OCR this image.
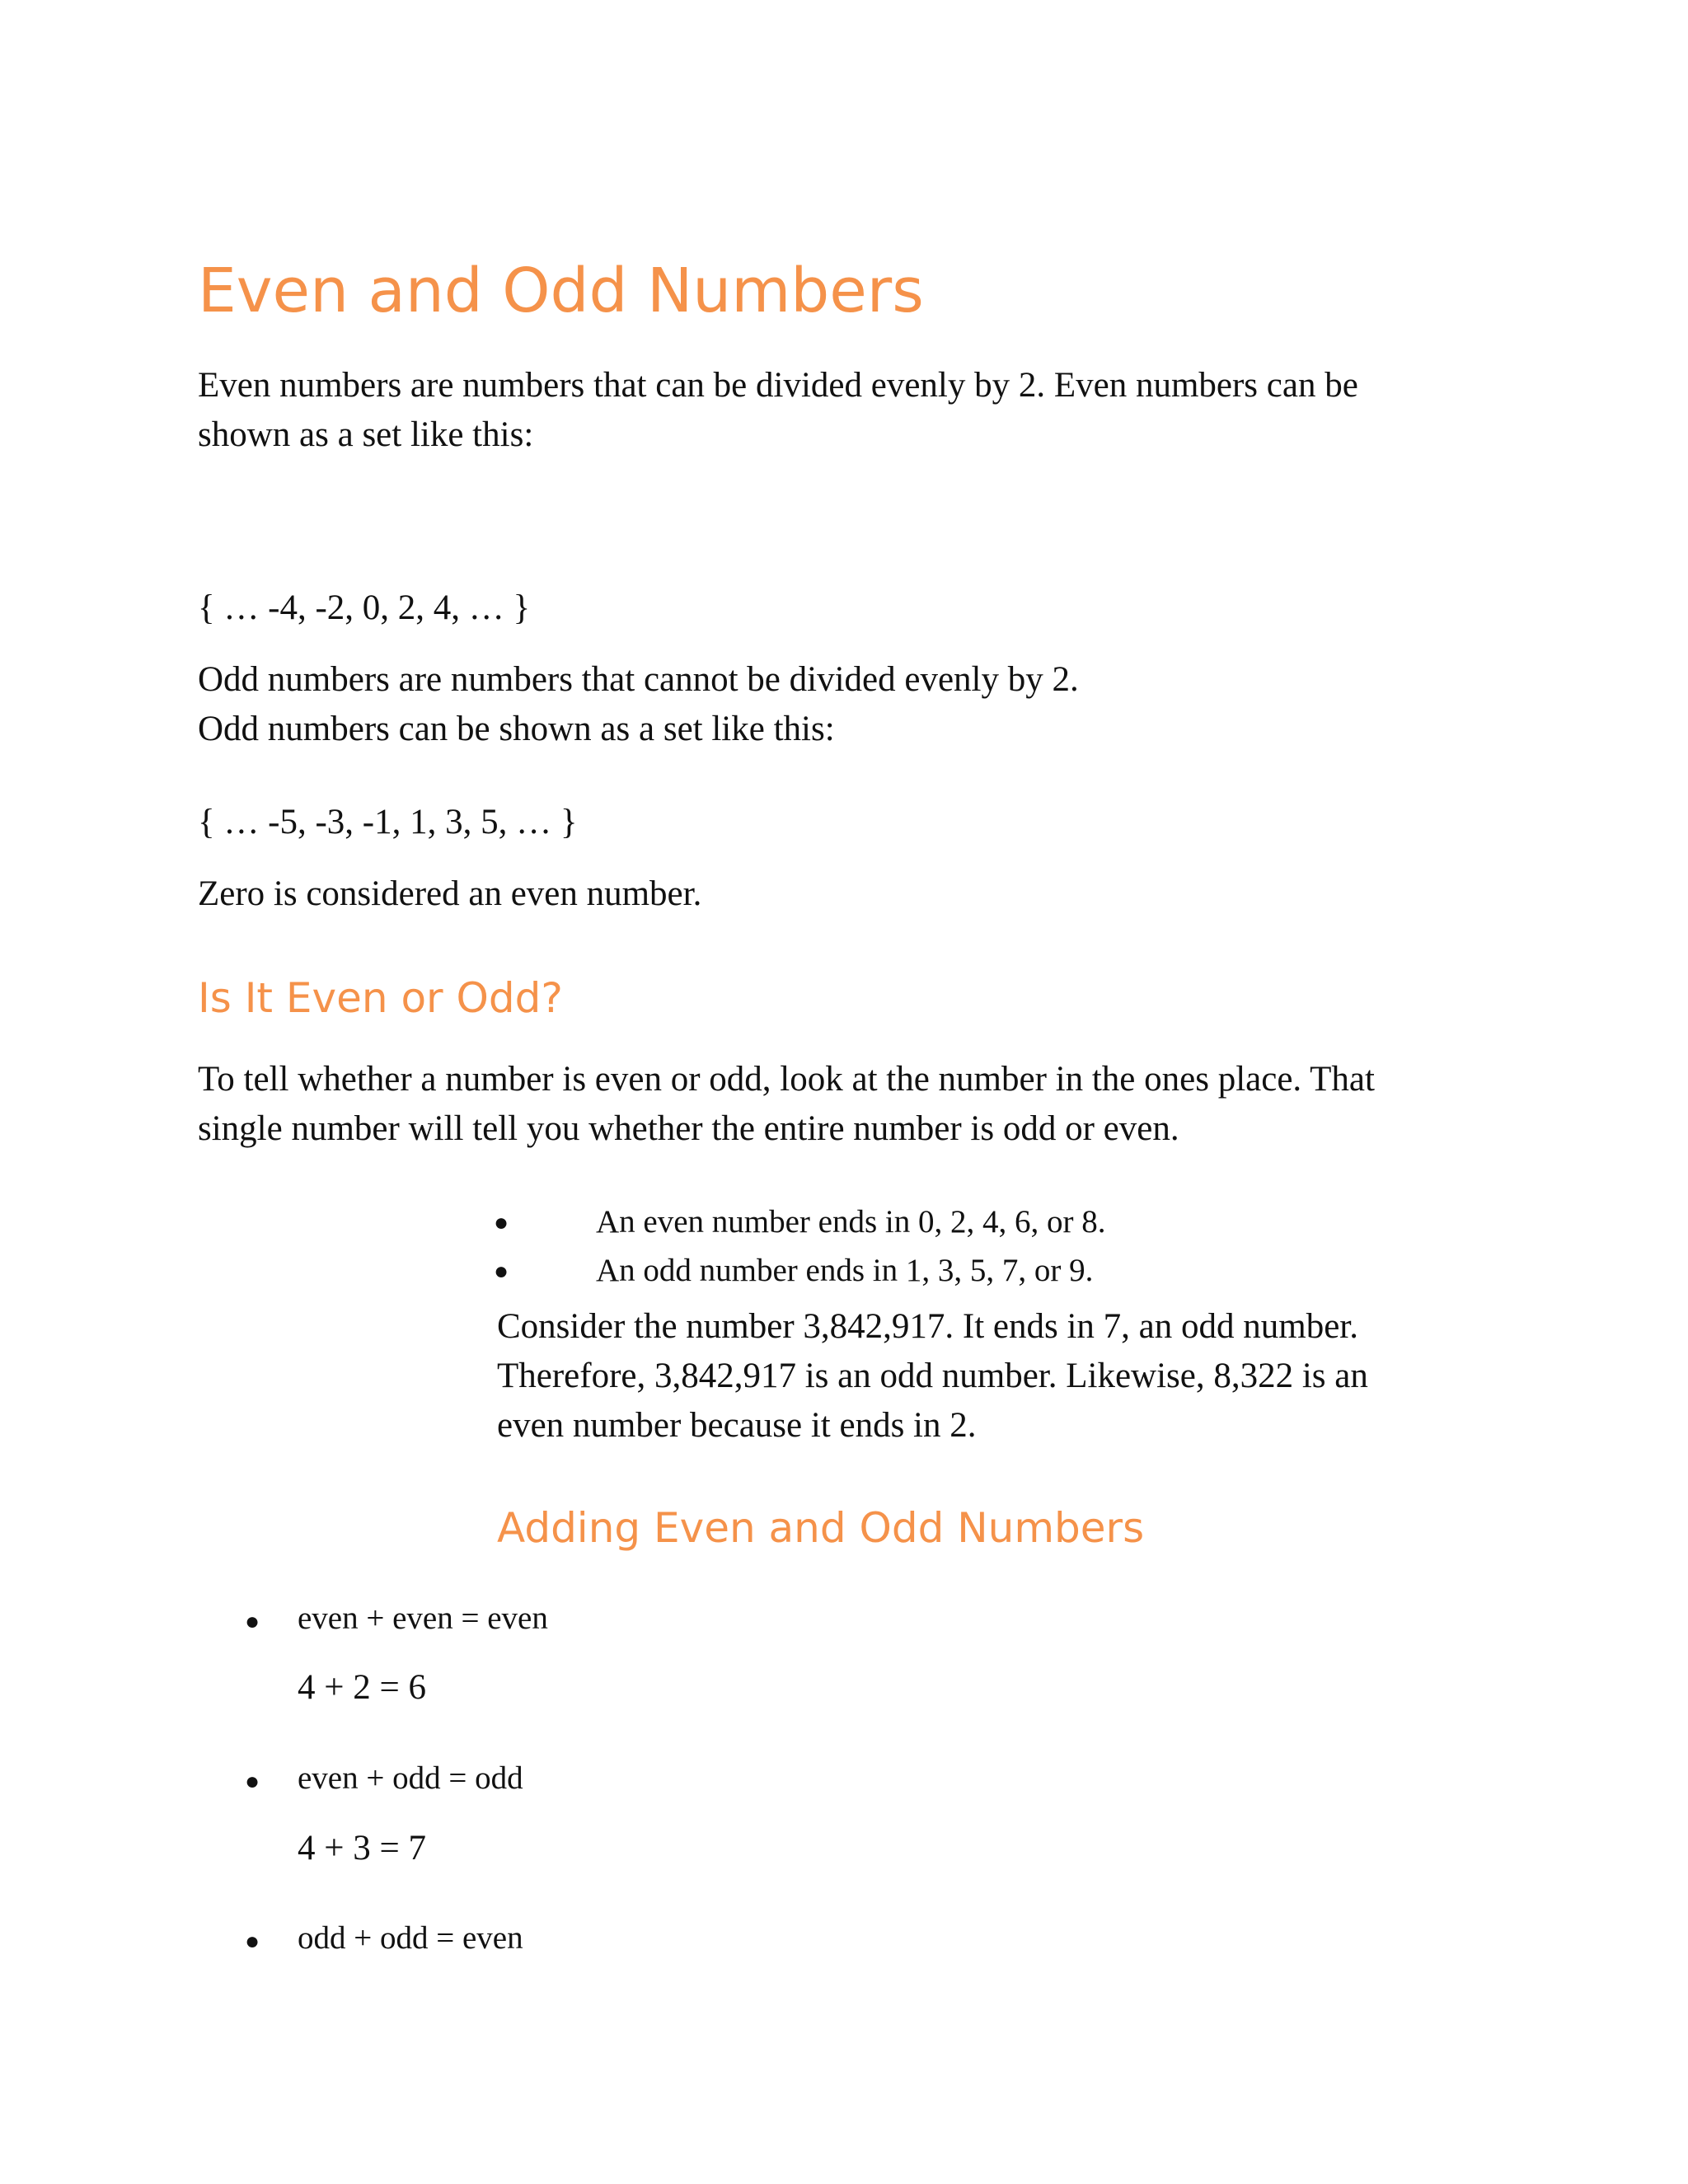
Even and Odd Numbers
Even numbers are numbers that can be divided evenly by 2. Even numbers can be
shown as a set like this:
{ … -4, -2, 0, 2, 4, … }
Odd numbers are numbers that cannot be divided evenly by 2.
Odd numbers can be shown as a set like this:
{ … -5, -3, -1, 1, 3, 5, … }
Zero is considered an even number.
Is It Even or Odd?
To tell whether a number is even or odd, look at the number in the ones place. That
single number will tell you whether the entire number is odd or even.
●	An even number ends in 0, 2, 4, 6, or 8.
●	An odd number ends in 1, 3, 5, 7, or 9.
Consider the number 3,842,917. It ends in 7, an odd number.
Therefore, 3,842,917 is an odd number. Likewise, 8,322 is an
even number because it ends in 2.
Adding Even and Odd Numbers
● even + even = even
4 + 2 = 6
● even + odd = odd
4 + 3 = 7
● odd + odd = even
